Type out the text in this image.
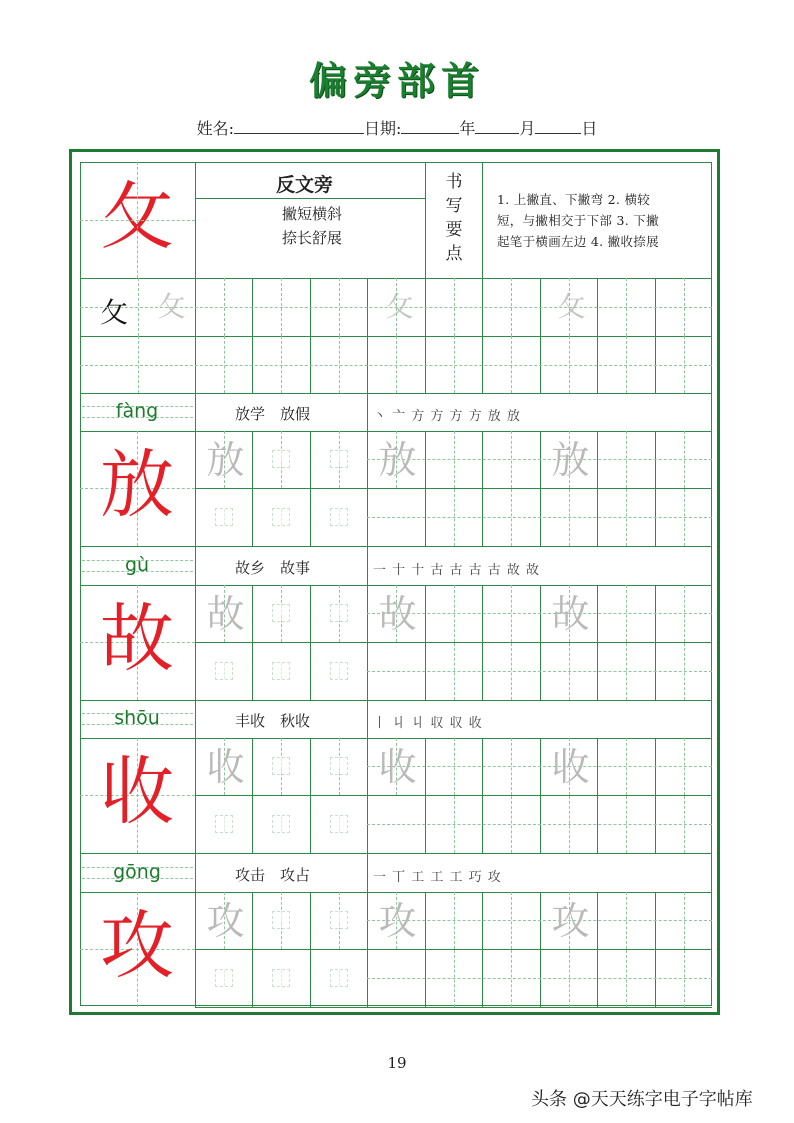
偏旁部首
姓名:	日期:	年	月	日
攵	反文旁
撇短横斜
捺长舒展
书
写
要
点
1. 上撇直、下撇弯 2. 横较
短，与撇相交于下部 3. 下撇
起笔于横画左边 4. 撇收捺展
攵	攵	攵	攵
fàng	放学　放假	丶 亠 方 方 方 方 放 放
放 放	放	放
gù	故乡　故事	一 十 十 古 古 古 古 故 故
故 故	故	故
shōu	丰收　秋收	丨 丩 丩 収 収 收
收 收	收	收
gōng	攻击　攻占	一 丅 工 工 工 巧 攻
攻 攻	攻	攻
19
头条 @天天练字电子字帖库
